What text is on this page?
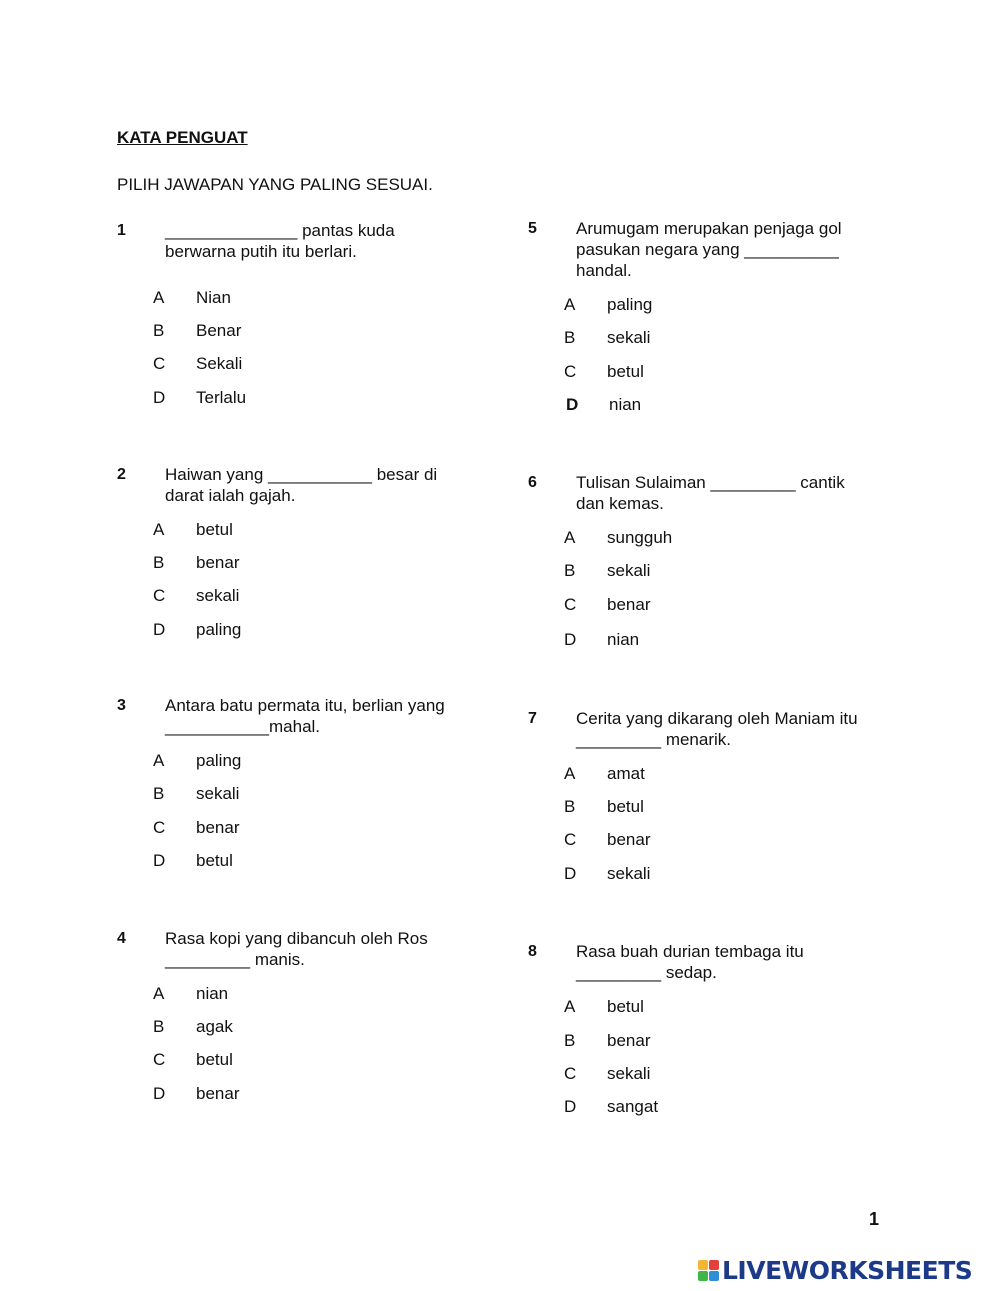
KATA PENGUAT
PILIH JAWAPAN YANG PALING SESUAI.
1 ______________ pantas kuda berwarna putih itu berlari.
A	Nian
B	Benar
C	Sekali
D	Terlalu
2 Haiwan yang ___________ besar di darat ialah gajah.
A	betul
B	benar
C	sekali
D	paling
3 Antara batu permata itu, berlian yang ___________mahal.
A	paling
B	sekali
C	benar
D	betul
4 Rasa kopi yang dibancuh oleh Ros _________ manis.
A	nian
B	agak
C	betul
D	benar
5 Arumugam merupakan penjaga gol pasukan negara yang __________ handal.
A	paling
B	sekali
C	betul
D	nian
6 Tulisan Sulaiman _________ cantik dan kemas.
A	sungguh
B	sekali
C	benar
D	nian
7 Cerita yang dikarang oleh Maniam itu _________ menarik.
A	amat
B	betul
C	benar
D	sekali
8 Rasa buah durian tembaga itu _________ sedap.
A	betul
B	benar
C	sekali
D	sangat
1
LIVEWORKSHEETS
